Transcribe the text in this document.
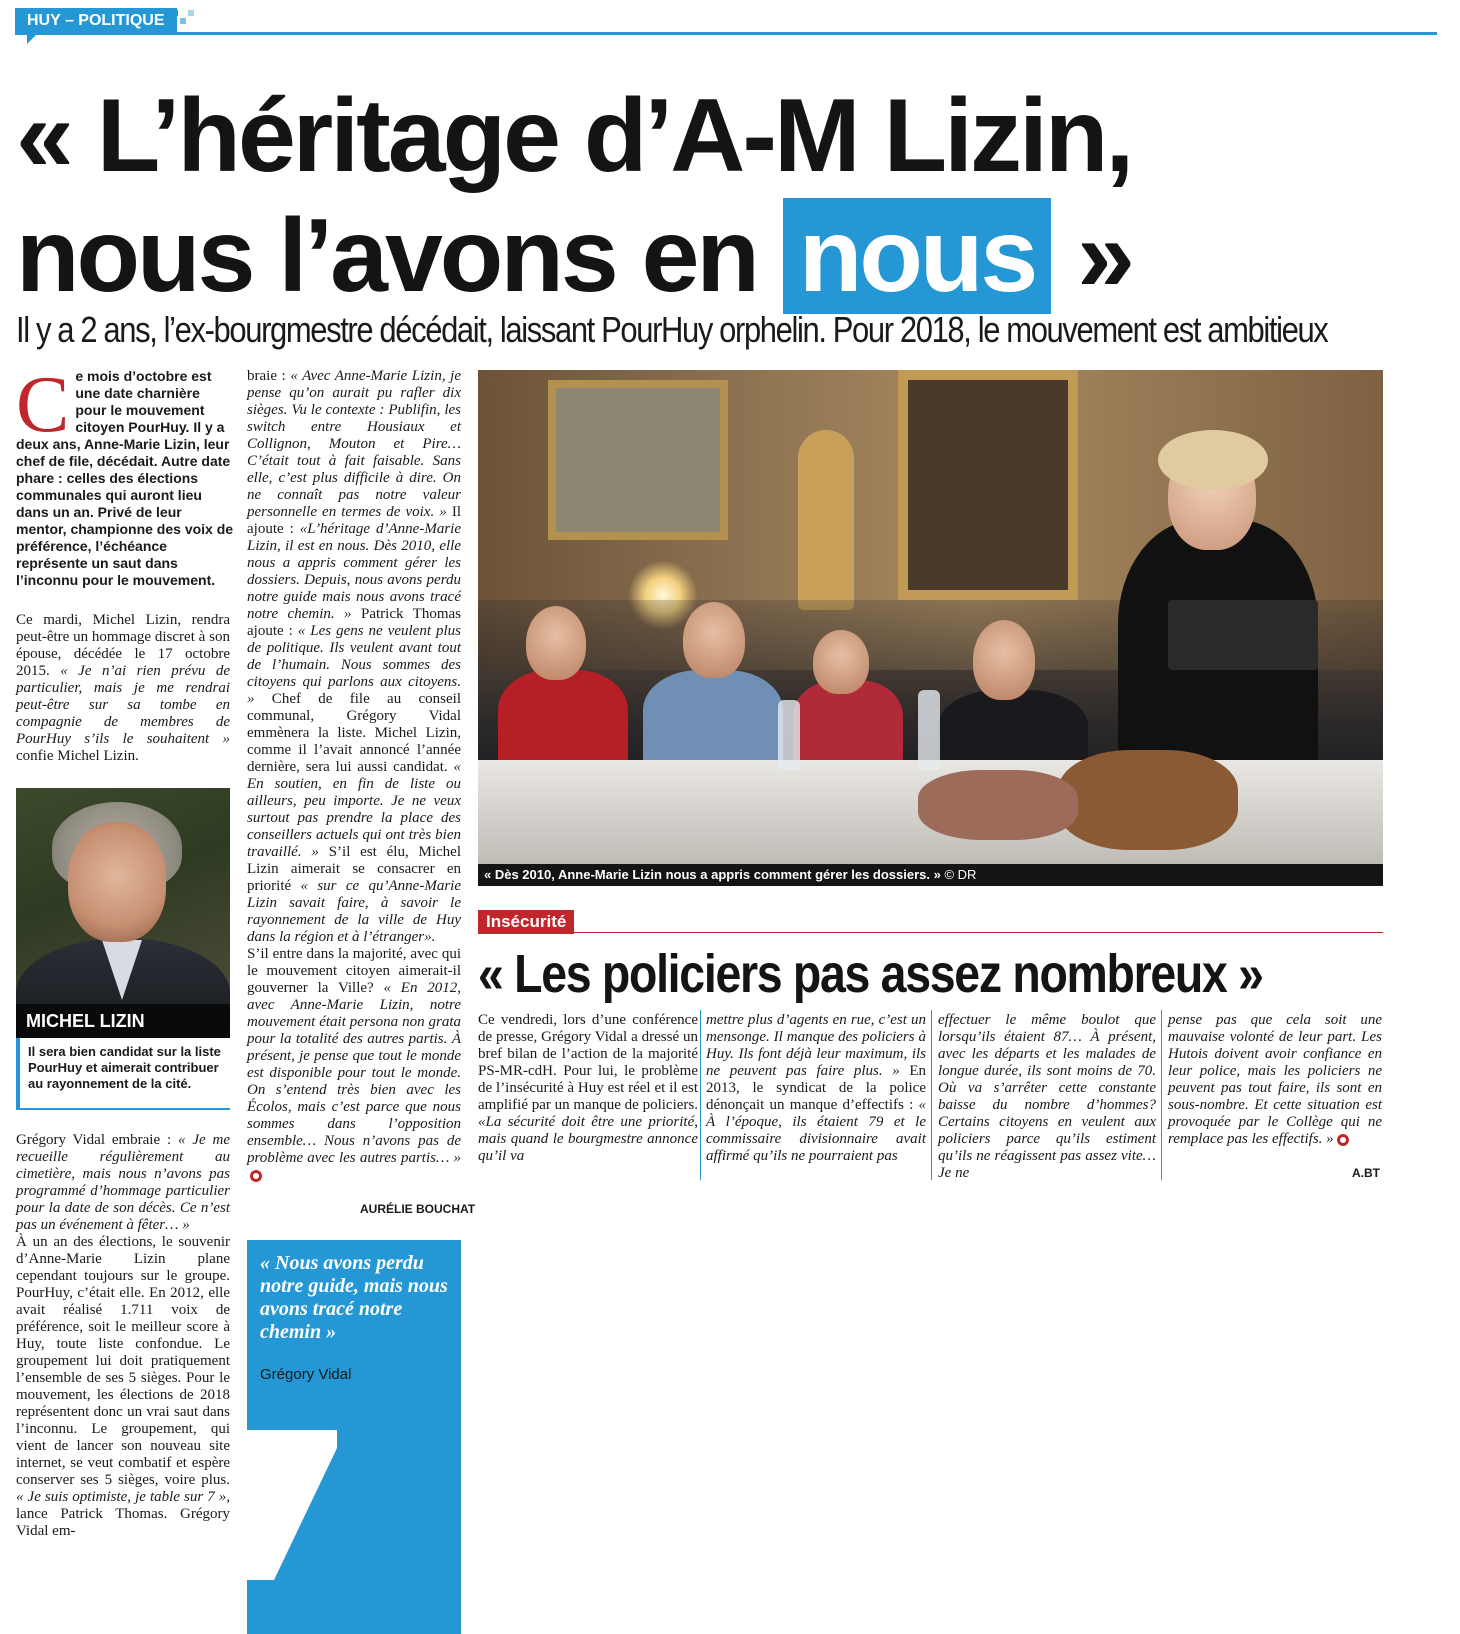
HUY – POLITIQUE
« L’héritage d’A-M Lizin,
nous l’avons en nous »
Il y a 2 ans, l’ex-bourgmestre décédait, laissant PourHuy orphelin. Pour 2018, le mouvement est ambitieux
Ce mois d’octobre est une date charnière pour le mouvement citoyen PourHuy. Il y a deux ans, Anne-Marie Lizin, leur chef de file, décédait. Autre date phare : celles des élections communales qui auront lieu dans un an. Privé de leur mentor, championne des voix de préférence, l’échéance représente un saut dans l’inconnu pour le mouvement.

Ce mardi, Michel Lizin, rendra peut-être un hommage discret à son épouse, décédée le 17 octobre 2015. « Je n’ai rien prévu de particulier, mais je me rendrai peut-être sur sa tombe en compagnie de membres de PourHuy s’ils le souhaitent » confie Michel Lizin.

MICHEL LIZIN
Il sera bien candidat sur la liste PourHuy et aimerait contribuer au rayonnement de la cité.

Grégory Vidal embraie : « Je me recueille régulièrement au cimetière, mais nous n’avons pas programmé d’hommage particulier pour la date de son décès. Ce n’est pas un événement à fêter… »

À un an des élections, le souvenir d’Anne-Marie Lizin plane cependant toujours sur le groupe. PourHuy, c’était elle. En 2012, elle avait réalisé 1.711 voix de préférence, soit le meilleur score à Huy, toute liste confondue. Le groupement lui doit pratiquement l’ensemble de ses 5 sièges. Pour le mouvement, les élections de 2018 représentent donc un vrai saut dans l’inconnu. Le groupement, qui vient de lancer son nouveau site internet, se veut combatif et espère conserver ses 5 sièges, voire plus. « Je suis optimiste, je table sur 7 », lance Patrick Thomas. Grégory Vidal em-

braie : « Avec Anne-Marie Lizin, je pense qu’on aurait pu rafler dix sièges. Vu le contexte : Publifin, les switch entre Housiaux et Collignon, Mouton et Pire… C’était tout à fait faisable. Sans elle, c’est plus difficile à dire. On ne connaît pas notre valeur personnelle en termes de voix. » Il ajoute : «L’héritage d’Anne-Marie Lizin, il est en nous. Dès 2010, elle nous a appris comment gérer les dossiers. Depuis, nous avons perdu notre guide mais nous avons tracé notre chemin. » Patrick Thomas ajoute : « Les gens ne veulent plus de politique. Ils veulent avant tout de l’humain. Nous sommes des citoyens qui parlons aux citoyens. » Chef de file au conseil communal, Grégory Vidal emmènera la liste. Michel Lizin, comme il l’avait annoncé l’année dernière, sera lui aussi candidat. « En soutien, en fin de liste ou ailleurs, peu importe. Je ne veux surtout pas prendre la place des conseillers actuels qui ont très bien travaillé. » S’il est élu, Michel Lizin aimerait se consacrer en priorité « sur ce qu’Anne-Marie Lizin savait faire, à savoir le rayonnement de la ville de Huy dans la région et à l’étranger».

S’il entre dans la majorité, avec qui le mouvement citoyen aimerait-il gouverner la Ville? « En 2012, avec Anne-Marie Lizin, notre mouvement était persona non grata pour la totalité des autres partis. À présent, je pense que tout le monde est disponible pour tout le monde. On s’entend très bien avec les Écolos, mais c’est parce que nous sommes dans l’opposition ensemble… Nous n’avons pas de problème avec les autres partis… »

AURÉLIE BOUCHAT
« Nous avons perdu notre guide, mais nous avons tracé notre chemin »
Grégory Vidal
« Dès 2010, Anne-Marie Lizin nous a appris comment gérer les dossiers. » © DR
Insécurité
« Les policiers pas assez nombreux »

Ce vendredi, lors d’une conférence de presse, Grégory Vidal a dressé un bref bilan de l’action de la majorité PS-MR-cdH. Pour lui, le problème de l’insécurité à Huy est réel et il est amplifié par un manque de policiers. «La sécurité doit être une priorité, mais quand le bourgmestre annonce qu’il va

mettre plus d’agents en rue, c’est un mensonge. Il manque des policiers à Huy. Ils font déjà leur maximum, ils ne peuvent pas faire plus. » En 2013, le syndicat de la police dénonçait un manque d’effectifs : « À l’époque, ils étaient 79 et le commissaire divisionnaire avait affirmé qu’ils ne pourraient pas

effectuer le même boulot que lorsqu’ils étaient 87… À présent, avec les départs et les malades de longue durée, ils sont moins de 70. Où va s’arrêter cette constante baisse du nombre d’hommes? Certains citoyens en veulent aux policiers parce qu’ils estiment qu’ils ne réagissent pas assez vite… Je ne

pense pas que cela soit une mauvaise volonté de leur part. Les Hutois doivent avoir confiance en leur police, mais les policiers ne peuvent pas tout faire, ils sont en sous-nombre. Et cette situation est provoquée par le Collège qui ne remplace pas les effectifs. »

A.BT
